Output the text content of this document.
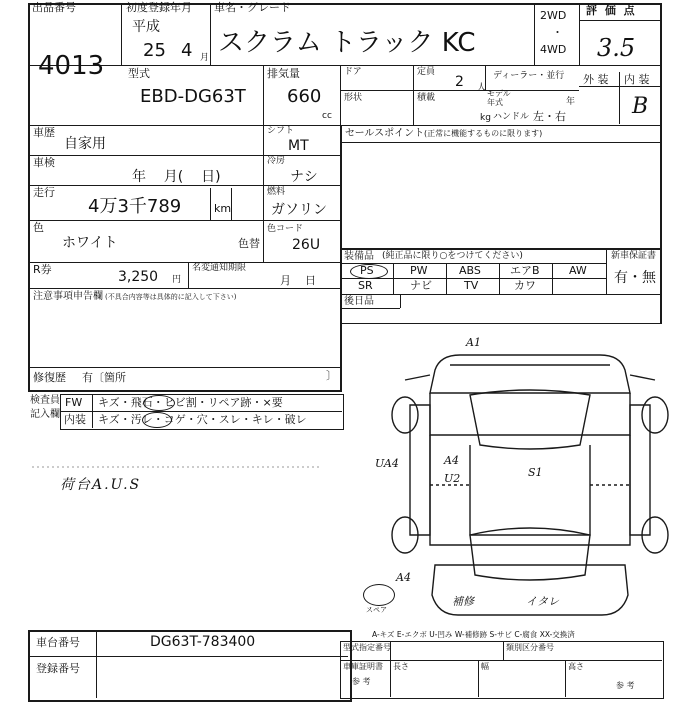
出品番号
4013
初度登録年月
平成
25 4 月
車名・グレード
スクラム トラック KC
2WD
・
4WD
評 価 点
3.5
外 装 内 装
B
型式
EBD-DG63T
排気量
660
cc
ドア	定員
2 人
ディーラー・並行
形状	積載	モデル
年式	年
kg ハンドル 左・右
車歴
自家用
シフト
MT
車検
年    月(    日)
冷房
ナシ
走行
4万3千789	km
燃料
ガソリン
色
ホワイト	色替
色コード
26U
R券	3,250 円
名変通知期限
月    日
注意事項申告欄 (不具合内容等は具体的に記入して下さい)
修復歴 有〔箇所	〕
セールスポイント (正常に機能するものに限ります)
装備品 (純正品に限り○をつけてください)	新車保証書
有・無
PS	PW	ABS	エアB	AW
SR	ナビ	TV	カワ
後日品
検査員
記入欄
FW キズ・飛石・ヒビ割・リペア跡・×要
内装 キズ・汚レ・コゲ・穴・スレ・キレ・破レ
荷台A.U.S
スペア
A1
UA4	A4
U2	S1
A4
補修	イタレ
A-キズ E-エクボ U-凹み W-補修跡 S-サビ C-腐食 XX-交換済
車台番号	DG63T-783400
登録番号
型式指定番号	類別区分番号
車庫証明書
参 考
長さ	幅	高さ
参 考
